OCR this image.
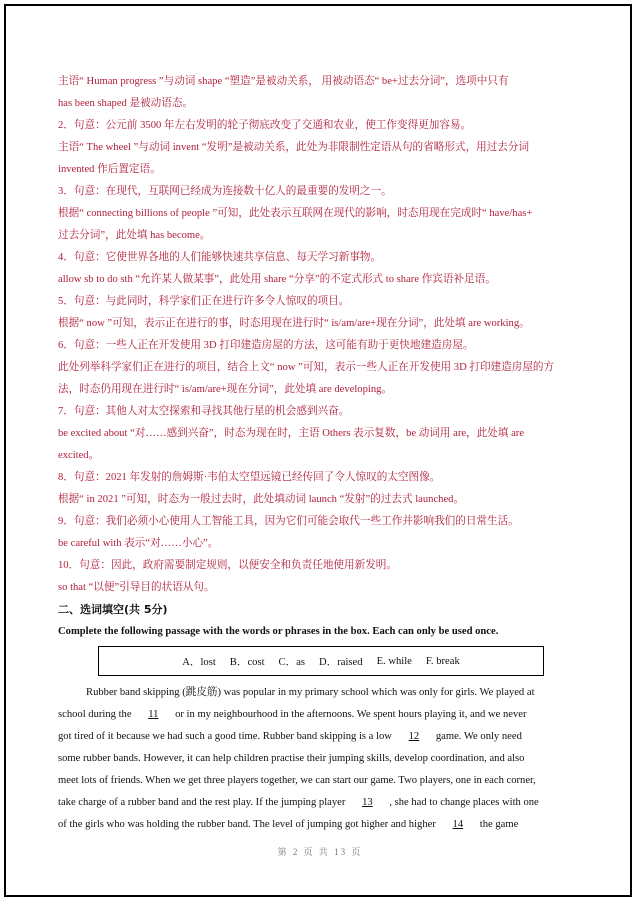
主语“ Human progress ”与动词 shape “塑造”是被动关系， 用被动语态“ be+过去分词”，选项中只有
has been shaped 是被动语态。
2．句意：公元前 3500 年左右发明的轮子彻底改变了交通和农业，使工作变得更加容易。
主语“ The wheel ”与动词 invent “发明”是被动关系，此处为非限制性定语从句的省略形式，用过去分词
invented 作后置定语。
3．句意：在现代，互联网已经成为连接数十亿人的最重要的发明之一。
根据“ connecting billions of people ”可知，此处表示互联网在现代的影响，时态用现在完成时“ have/has+
过去分词”，此处填 has become。
4．句意：它使世界各地的人们能够快速共享信息、每天学习新事物。
allow sb to do sth “允许某人做某事”，此处用 share “分享”的不定式形式 to share 作宾语补足语。
5．句意：与此同时，科学家们正在进行许多令人惊叹的项目。
根据“ now ”可知，表示正在进行的事，时态用现在进行时“ is/am/are+现在分词”，此处填 are working。
6．句意：一些人正在开发使用 3D 打印建造房屋的方法，这可能有助于更快地建造房屋。
此处列举科学家们正在进行的项目，结合上文“ now ”可知，表示一些人正在开发使用 3D 打印建造房屋的方
法，时态仍用现在进行时“ is/am/are+现在分词”，此处填 are developing。
7．句意：其他人对太空探索和寻找其他行星的机会感到兴奋。
be excited about “对……感到兴奋”，时态为现在时，主语 Others 表示复数，be 动词用 are，此处填 are
excited。
8．句意：2021 年发射的詹姆斯·韦伯太空望远镜已经传回了令人惊叹的太空图像。
根据“ in 2021 ”可知，时态为一般过去时，此处填动词 launch “发射”的过去式 launched。
9．句意：我们必须小心使用人工智能工具，因为它们可能会取代一些工作并影响我们的日常生活。
be careful with 表示“对……小心”。
10．句意：因此，政府需要制定规则，以便安全和负责任地使用新发明。
so that “以便”引导目的状语从句。
二、选词填空(共 5分)
Complete the following passage with the words or phrases in the box. Each can only be used once.
A．lost B．cost C．as D．raised E. while F. break
Rubber band skipping (跳皮筋) was popular in my primary school which was only for girls. We played at
school during the 11 or in my neighbourhood in the afternoons. We spent hours playing it, and we never
got tired of it because we had such a good time. Rubber band skipping is a low 12 game. We only need
some rubber bands. However, it can help children practise their jumping skills, develop coordination, and also
meet lots of friends. When we get three players together, we can start our game. Two players, one in each corner,
take charge of a rubber band and the rest play. If the jumping player 13 , she had to change places with one
of the girls who was holding the rubber band. The level of jumping got higher and higher 14 the game
第 2 页 共 13 页
